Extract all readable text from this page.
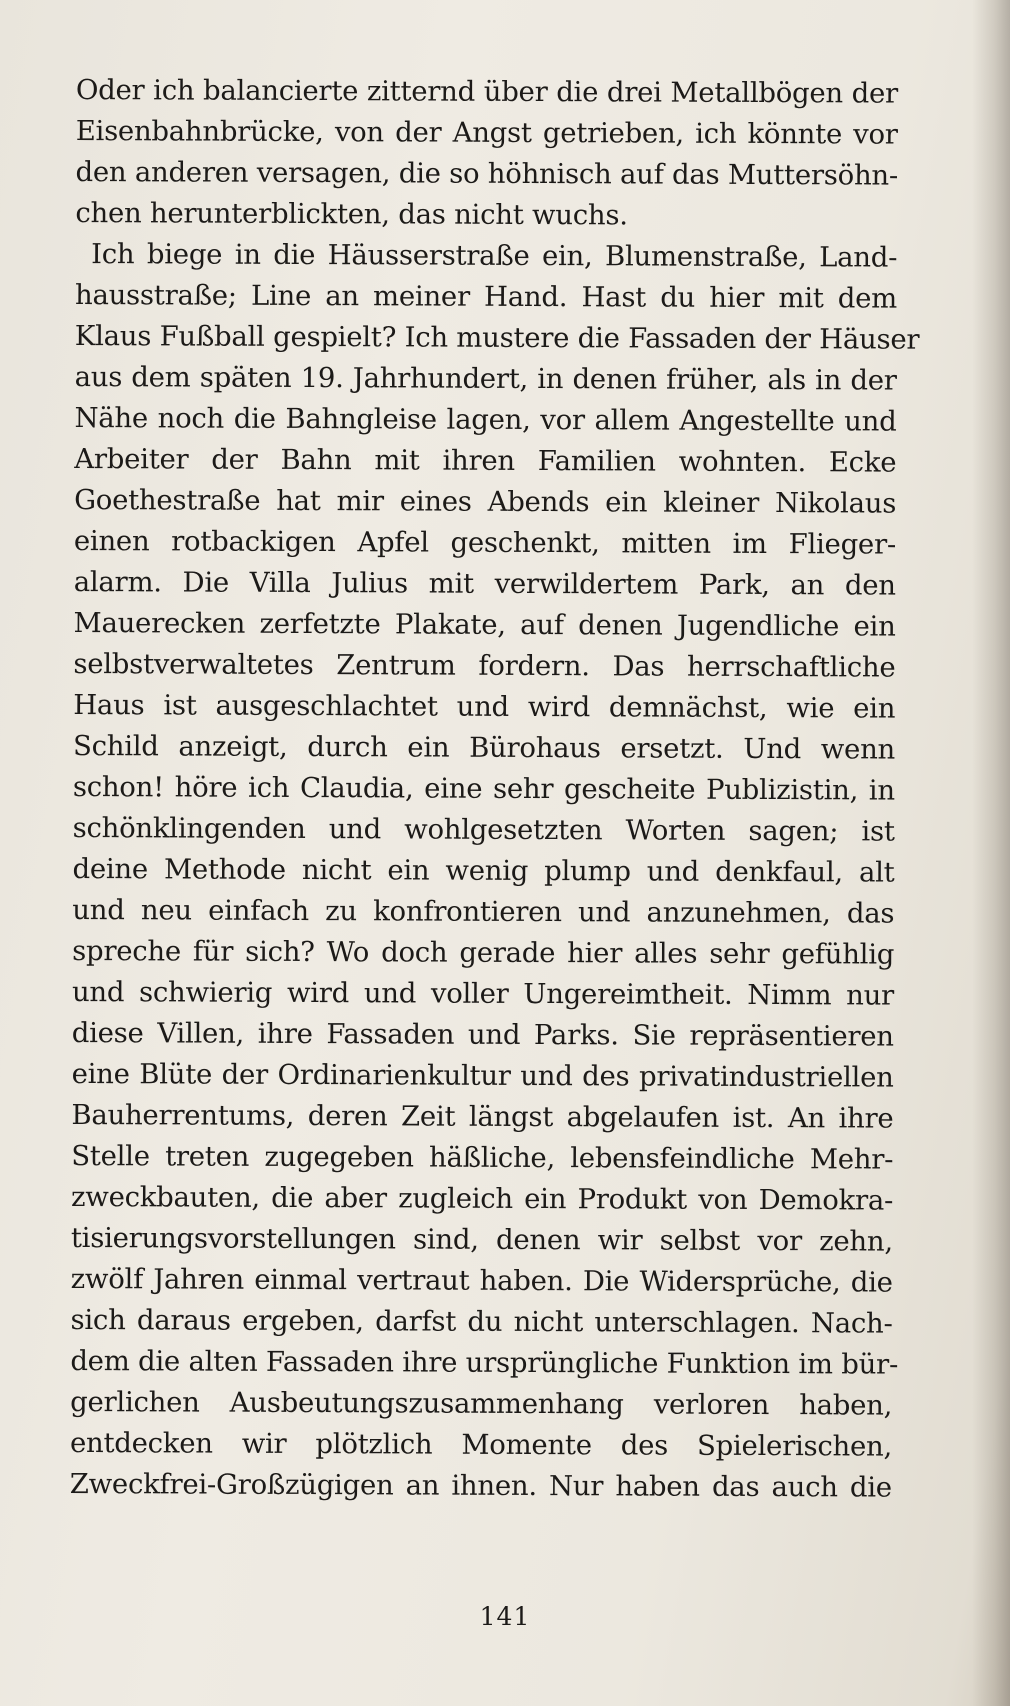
Oder ich balancierte zitternd über die drei Metallbögen der
Eisenbahnbrücke, von der Angst getrieben, ich könnte vor
den anderen versagen, die so höhnisch auf das Muttersöhn-
chen herunterblickten, das nicht wuchs.
Ich biege in die Häusserstraße ein, Blumenstraße, Land-
hausstraße; Line an meiner Hand. Hast du hier mit dem
Klaus Fußball gespielt? Ich mustere die Fassaden der Häuser
aus dem späten 19. Jahrhundert, in denen früher, als in der
Nähe noch die Bahngleise lagen, vor allem Angestellte und
Arbeiter der Bahn mit ihren Familien wohnten. Ecke
Goethestraße hat mir eines Abends ein kleiner Nikolaus
einen rotbackigen Apfel geschenkt, mitten im Flieger-
alarm. Die Villa Julius mit verwildertem Park, an den
Mauerecken zerfetzte Plakate, auf denen Jugendliche ein
selbstverwaltetes Zentrum fordern. Das herrschaftliche
Haus ist ausgeschlachtet und wird demnächst, wie ein
Schild anzeigt, durch ein Bürohaus ersetzt. Und wenn
schon! höre ich Claudia, eine sehr gescheite Publizistin, in
schönklingenden und wohlgesetzten Worten sagen; ist
deine Methode nicht ein wenig plump und denkfaul, alt
und neu einfach zu konfrontieren und anzunehmen, das
spreche für sich? Wo doch gerade hier alles sehr gefühlig
und schwierig wird und voller Ungereimtheit. Nimm nur
diese Villen, ihre Fassaden und Parks. Sie repräsentieren
eine Blüte der Ordinarienkultur und des privatindustriellen
Bauherrentums, deren Zeit längst abgelaufen ist. An ihre
Stelle treten zugegeben häßliche, lebensfeindliche Mehr-
zweckbauten, die aber zugleich ein Produkt von Demokra-
tisierungsvorstellungen sind, denen wir selbst vor zehn,
zwölf Jahren einmal vertraut haben. Die Widersprüche, die
sich daraus ergeben, darfst du nicht unterschlagen. Nach-
dem die alten Fassaden ihre ursprüngliche Funktion im bür-
gerlichen Ausbeutungszusammenhang verloren haben,
entdecken wir plötzlich Momente des Spielerischen,
Zweckfrei-Großzügigen an ihnen. Nur haben das auch die
141
